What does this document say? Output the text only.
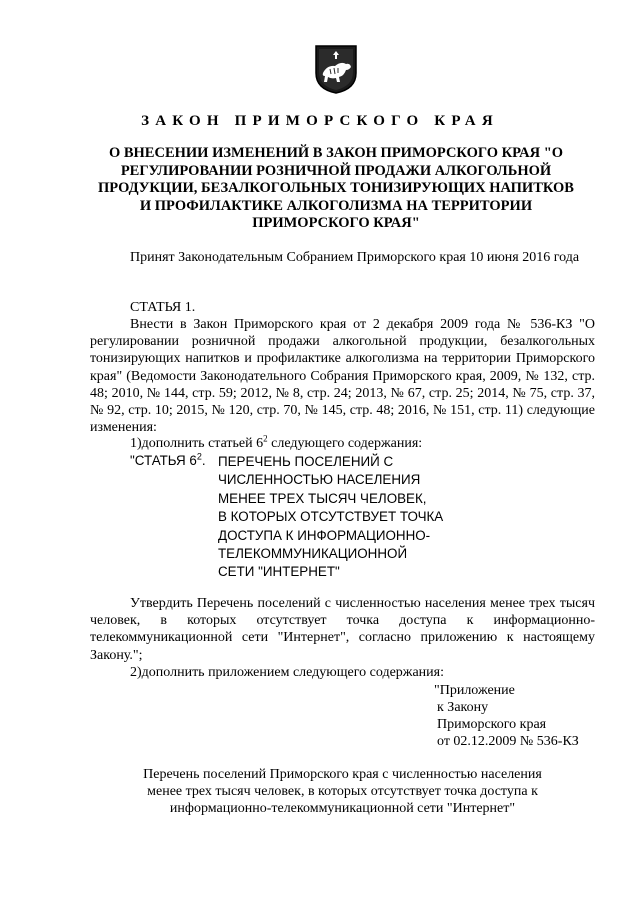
ЗАКОН ПРИМОРСКОГО КРАЯ
О ВНЕСЕНИИ ИЗМЕНЕНИЙ В ЗАКОН ПРИМОРСКОГО КРАЯ "О
РЕГУЛИРОВАНИИ РОЗНИЧНОЙ ПРОДАЖИ АЛКОГОЛЬНОЙ
ПРОДУКЦИИ, БЕЗАЛКОГОЛЬНЫХ ТОНИЗИРУЮЩИХ НАПИТКОВ
И ПРОФИЛАКТИКЕ АЛКОГОЛИЗМА НА ТЕРРИТОРИИ
ПРИМОРСКОГО КРАЯ"
Принят Законодательным Собранием Приморского края 10 июня 2016 года
СТАТЬЯ 1.
Внести в Закон Приморского края от 2 декабря 2009 года № 536-КЗ "О регулировании розничной продажи алкогольной продукции, безалкогольных тонизирующих напитков и профилактике алкоголизма на территории Приморского края" (Ведомости Законодательного Собрания Приморского края, 2009, № 132, стр. 48; 2010, № 144, стр. 59; 2012, № 8, стр. 24; 2013, № 67, стр. 25; 2014, № 75, стр. 37, № 92, стр. 10; 2015, № 120, стр. 70, № 145, стр. 48; 2016, № 151, стр. 11) следующие изменения:
1)дополнить статьей $6^2$ следующего содержания:
"СТАТЬЯ $6^2$. ПЕРЕЧЕНЬ ПОСЕЛЕНИЙ С
ЧИСЛЕННОСТЬЮ НАСЕЛЕНИЯ
МЕНЕЕ ТРЕХ ТЫСЯЧ ЧЕЛОВЕК,
В КОТОРЫХ ОТСУТСТВУЕТ ТОЧКА
ДОСТУПА К ИНФОРМАЦИОННО-
ТЕЛЕКОММУНИКАЦИОННОЙ
СЕТИ "ИНТЕРНЕТ"
Утвердить Перечень поселений с численностью населения менее трех тысяч человек, в которых отсутствует точка доступа к информационно-телекоммуникационной сети "Интернет", согласно приложению к настоящему Закону.";
2)дополнить приложением следующего содержания:
"Приложение
к Закону
Приморского края
от 02.12.2009 № 536-КЗ
Перечень поселений Приморского края с численностью населения
менее трех тысяч человек, в которых отсутствует точка доступа к
информационно-телекоммуникационной сети "Интернет"
